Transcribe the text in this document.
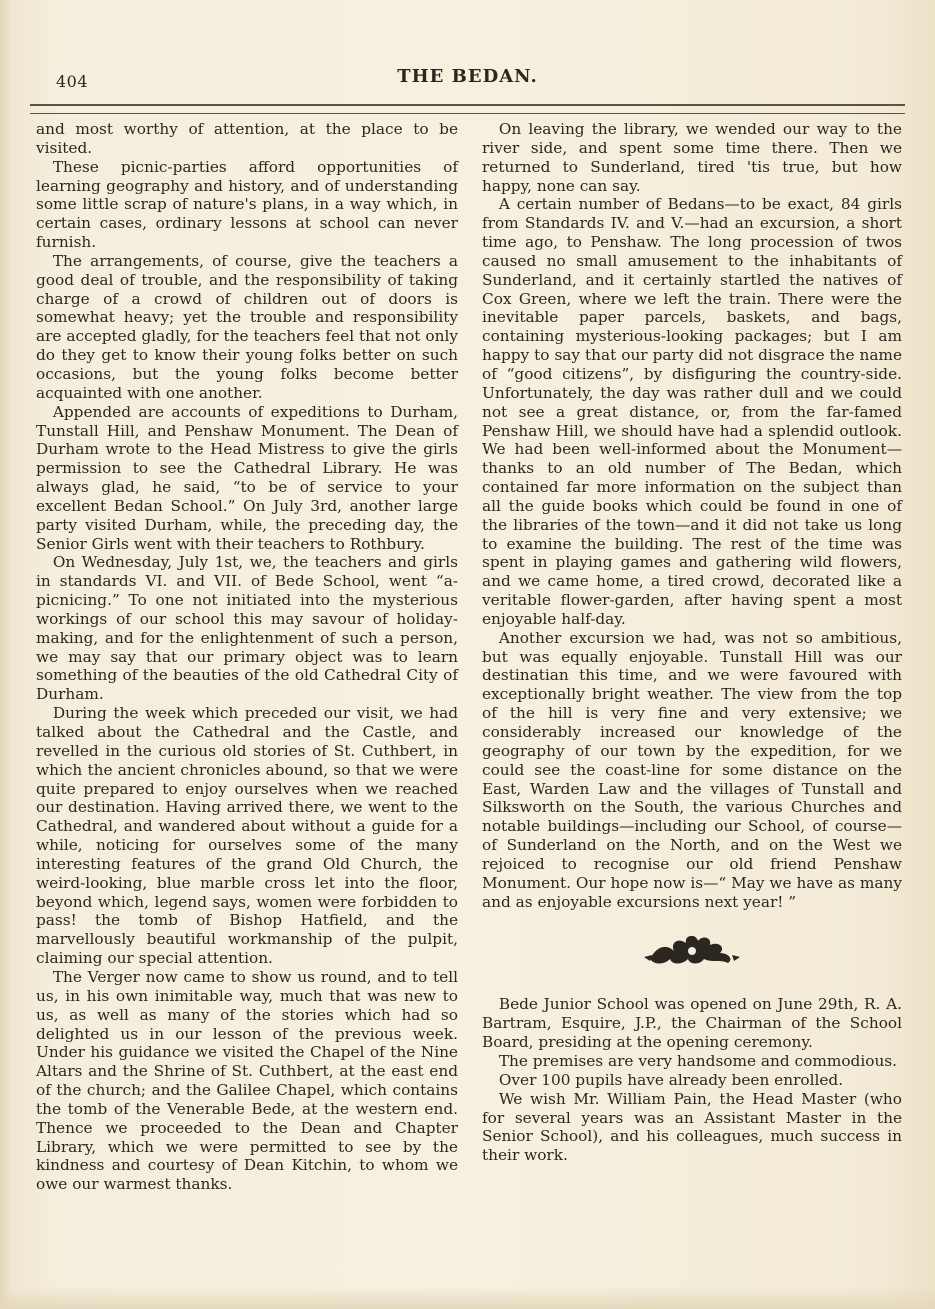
404	THE BEDAN.

and most worthy of attention, at the place to be visited.

These picnic-parties afford opportunities of learning geography and history, and of understanding some little scrap of nature's plans, in a way which, in certain cases, ordinary lessons at school can never furnish.

The arrangements, of course, give the teachers a good deal of trouble, and the responsibility of taking charge of a crowd of children out of doors is somewhat heavy; yet the trouble and responsibility are accepted gladly, for the teachers feel that not only do they get to know their young folks better on such occasions, but the young folks become better acquainted with one another.

Appended are accounts of expeditions to Durham, Tunstall Hill, and Penshaw Monument. The Dean of Durham wrote to the Head Mistress to give the girls permission to see the Cathedral Library. He was always glad, he said, “to be of service to your excellent Bedan School.” On July 3rd, another large party visited Durham, while, the preceding day, the Senior Girls went with their teachers to Rothbury.

On Wednesday, July 1st, we, the teachers and girls in standards VI. and VII. of Bede School, went “a-picnicing.” To one not initiated into the mysterious workings of our school this may savour of holiday-making, and for the enlightenment of such a person, we may say that our primary object was to learn something of the beauties of the old Cathedral City of Durham.

During the week which preceded our visit, we had talked about the Cathedral and the Castle, and revelled in the curious old stories of St. Cuthbert, in which the ancient chronicles abound, so that we were quite prepared to enjoy ourselves when we reached our destination. Having arrived there, we went to the Cathedral, and wandered about without a guide for a while, noticing for ourselves some of the many interesting features of the grand Old Church, the weird-looking, blue marble cross let into the floor, beyond which, legend says, women were forbidden to pass! the tomb of Bishop Hatfield, and the marvellously beautiful workmanship of the pulpit, claiming our special attention.

The Verger now came to show us round, and to tell us, in his own inimitable way, much that was new to us, as well as many of the stories which had so delighted us in our lesson of the previous week. Under his guidance we visited the Chapel of the Nine Altars and the Shrine of St. Cuthbert, at the east end of the church; and the Galilee Chapel, which contains the tomb of the Venerable Bede, at the western end. Thence we proceeded to the Dean and Chapter Library, which we were permitted to see by the kindness and courtesy of Dean Kitchin, to whom we owe our warmest thanks.

On leaving the library, we wended our way to the river side, and spent some time there. Then we returned to Sunderland, tired 'tis true, but how happy, none can say.

A certain number of Bedans—to be exact, 84 girls from Standards IV. and V.—had an excursion, a short time ago, to Penshaw. The long procession of twos caused no small amusement to the inhabitants of Sunderland, and it certainly startled the natives of Cox Green, where we left the train. There were the inevitable paper parcels, baskets, and bags, containing mysterious-looking packages; but I am happy to say that our party did not disgrace the name of “good citizens”, by disfiguring the country-side. Unfortunately, the day was rather dull and we could not see a great distance, or, from the far-famed Penshaw Hill, we should have had a splendid outlook. We had been well-informed about the Monument—thanks to an old number of The Bedan, which contained far more information on the subject than all the guide books which could be found in one of the libraries of the town—and it did not take us long to examine the building. The rest of the time was spent in playing games and gathering wild flowers, and we came home, a tired crowd, decorated like a veritable flower-garden, after having spent a most enjoyable half-day.

Another excursion we had, was not so ambitious, but was equally enjoyable. Tunstall Hill was our destinatian this time, and we were favoured with exceptionally bright weather. The view from the top of the hill is very fine and very extensive; we considerably increased our knowledge of the geography of our town by the expedition, for we could see the coast-line for some distance on the East, Warden Law and the villages of Tunstall and Silksworth on the South, the various Churches and notable buildings—including our School, of course—of Sunderland on the North, and on the West we rejoiced to recognise our old friend Penshaw Monument. Our hope now is—“ May we have as many and as enjoyable excursions next year! ”

Bede Junior School was opened on June 29th, R. A. Bartram, Esquire, J.P., the Chairman of the School Board, presiding at the opening ceremony.

The premises are very handsome and commodious.

Over 100 pupils have already been enrolled.

We wish Mr. William Pain, the Head Master (who for several years was an Assistant Master in the Senior School), and his colleagues, much success in their work.
